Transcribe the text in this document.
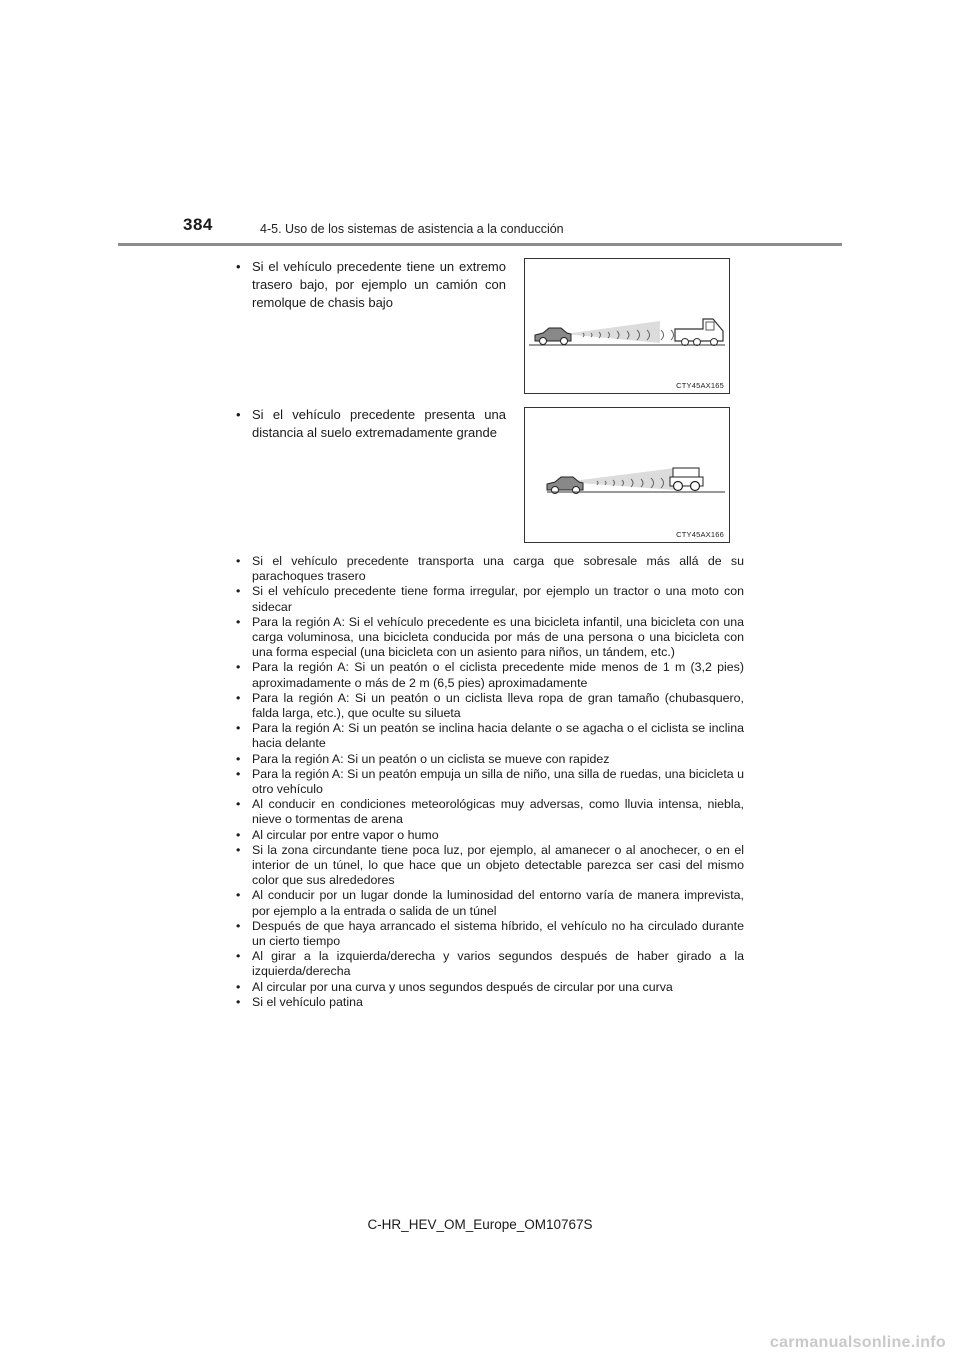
384	4-5. Uso de los sistemas de asistencia a la conducción
• Si el vehículo precedente tiene un extremo trasero bajo, por ejemplo un camión con remolque de chasis bajo
CTY45AX165
• Si el vehículo precedente presenta una distancia al suelo extremadamente grande
CTY45AX166
• Si el vehículo precedente transporta una carga que sobresale más allá de su parachoques trasero
• Si el vehículo precedente tiene forma irregular, por ejemplo un tractor o una moto con sidecar
• Para la región A: Si el vehículo precedente es una bicicleta infantil, una bicicleta con una carga voluminosa, una bicicleta conducida por más de una persona o una bicicleta con una forma especial (una bicicleta con un asiento para niños, un tándem, etc.)
• Para la región A: Si un peatón o el ciclista precedente mide menos de 1 m (3,2 pies) aproximadamente o más de 2 m (6,5 pies) aproximadamente
• Para la región A: Si un peatón o un ciclista lleva ropa de gran tamaño (chubasquero, falda larga, etc.), que oculte su silueta
• Para la región A: Si un peatón se inclina hacia delante o se agacha o el ciclista se inclina hacia delante
• Para la región A: Si un peatón o un ciclista se mueve con rapidez
• Para la región A: Si un peatón empuja un silla de niño, una silla de ruedas, una bicicleta u otro vehículo
• Al conducir en condiciones meteorológicas muy adversas, como lluvia intensa, niebla, nieve o tormentas de arena
• Al circular por entre vapor o humo
• Si la zona circundante tiene poca luz, por ejemplo, al amanecer o al anochecer, o en el interior de un túnel, lo que hace que un objeto detectable parezca ser casi del mismo color que sus alrededores
• Al conducir por un lugar donde la luminosidad del entorno varía de manera imprevista, por ejemplo a la entrada o salida de un túnel
• Después de que haya arrancado el sistema híbrido, el vehículo no ha circulado durante un cierto tiempo
• Al girar a la izquierda/derecha y varios segundos después de haber girado a la izquierda/derecha
• Al circular por una curva y unos segundos después de circular por una curva
• Si el vehículo patina
C-HR_HEV_OM_Europe_OM10767S
carmanualsonline.info
